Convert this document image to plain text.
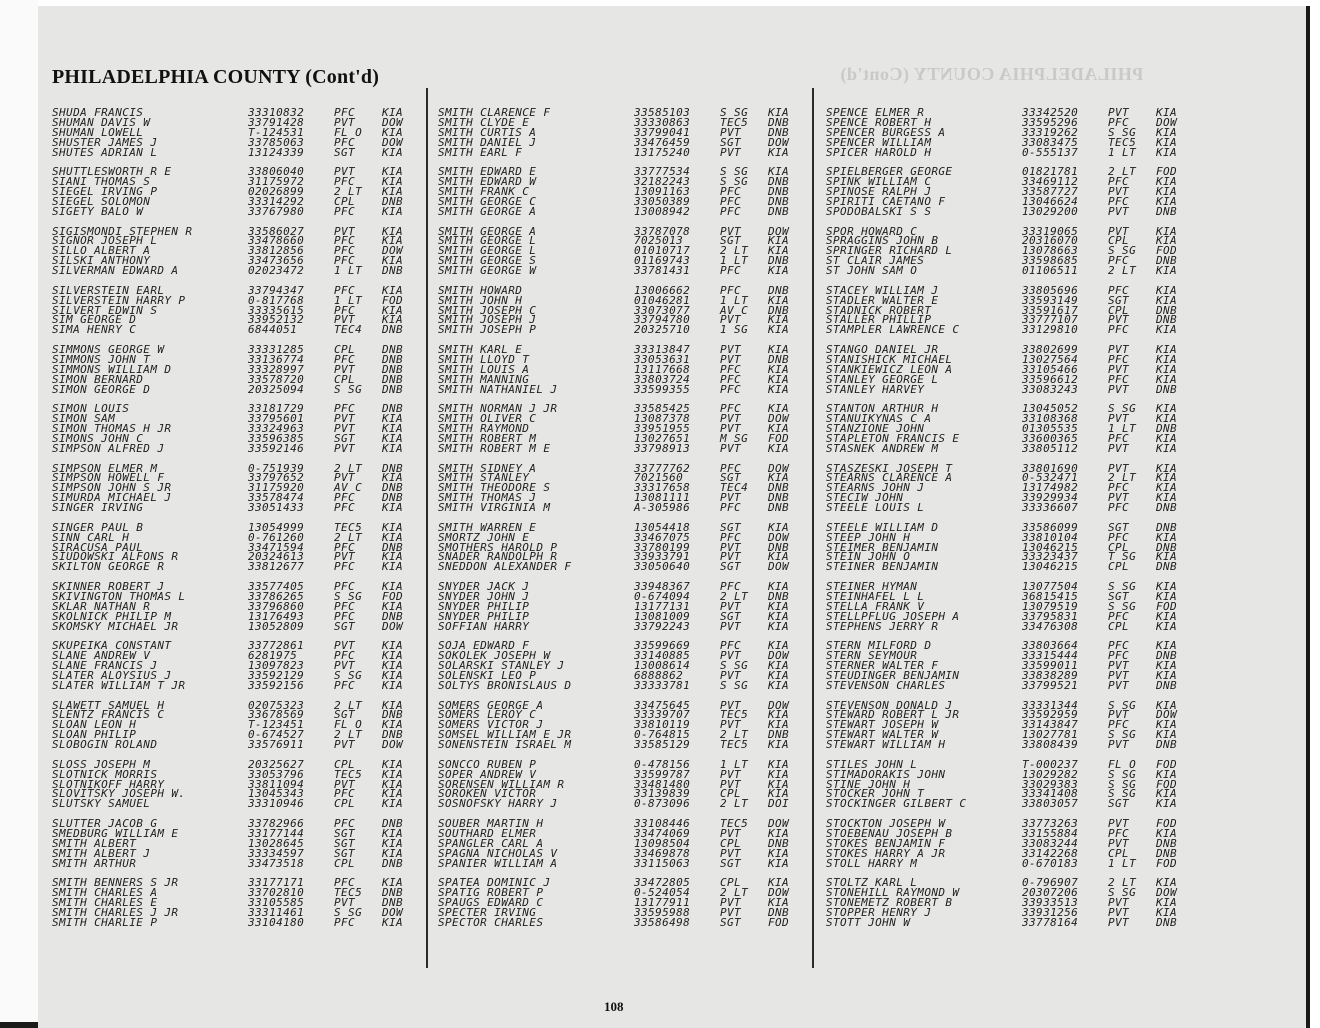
PHILADELPHIA COUNTY (Cont'd)	PHILADELPHIA COUNTY (Cont'd)
SHUDA FRANCIS	33310832	PFC KIA
SHUMAN DAVIS W	33791428	PVT DOW
SHUMAN LOWELL	T-124531	FL O KIA
SHUSTER JAMES J	33785063	PFC DOW
SHUTES ADRIAN L	13124339	SGT KIA
SHUTTLESWORTH R E	33806040	PVT KIA
SIANI THOMAS S	31175972	PFC KIA
SIEGEL IRVING P	02026899	2 LT KIA
SIEGEL SOLOMON	33314292	CPL DNB
SIGETY BALO W	33767980	PFC KIA
SIGISMONDI STEPHEN R	33586027	PVT KIA
SIGNOR JOSEPH L	33478660	PFC KIA
SILLO ALBERT A	33812856	PFC DOW
SILSKI ANTHONY	33473656	PFC KIA
SILVERMAN EDWARD A	02023472	1 LT DNB
SILVERSTEIN EARL	33794347	PFC KIA
SILVERSTEIN HARRY P	0-817768	1 LT FOD
SILVERT EDWIN S	33335615	PFC KIA
SIM GEORGE D	33952132	PVT KIA
SIMA HENRY C	6844051	TEC4 DNB
SIMMONS GEORGE W	33331285	CPL DNB
SIMMONS JOHN T	33136774	PFC DNB
SIMMONS WILLIAM D	33328997	PVT DNB
SIMON BERNARD	33578720	CPL DNB
SIMON GEORGE D	20325094	S SG DNB
SIMON LOUIS	33181729	PFC DNB
SIMON SAM	33795601	PVT KIA
SIMON THOMAS H JR	33324963	PVT KIA
SIMONS JOHN C	33596385	SGT KIA
SIMPSON ALFRED J	33592146	PVT KIA
SIMPSON ELMER M	0-751939	2 LT DNB
SIMPSON HOWELL F	33797652	PVT KIA
SIMPSON JOHN S JR	31175920	AV C DNB
SIMURDA MICHAEL J	33578474	PFC DNB
SINGER IRVING	33051433	PFC KIA
SINGER PAUL B	13054999	TEC5 KIA
SINN CARL H	0-761260	2 LT KIA
SIRACUSA PAUL	33471594	PFC DNB
SIUDOWSKI ALFONS R	20324613	PVT KIA
SKILTON GEORGE R	33812677	PFC KIA
SKINNER ROBERT J	33577405	PFC KIA
SKIVINGTON THOMAS L	33786265	S SG FOD
SKLAR NATHAN R	33796860	PFC KIA
SKOLNICK PHILIP M	13176493	PFC DNB
SKOMSKY MICHAEL JR	13052809	SGT DOW
SKUPEIKA CONSTANT	33772861	PVT KIA
SLANE ANDREW V	6281975	PFC KIA
SLANE FRANCIS J	13097823	PVT KIA
SLATER ALOYSIUS J	33592129	S SG KIA
SLATER WILLIAM T JR	33592156	PFC KIA
SLAWETT SAMUEL H	02075323	2 LT KIA
SLENTZ FRANCIS C	33678569	SGT DNB
SLOAN LEON H	T-123451	FL O KIA
SLOAN PHILIP	0-674527	2 LT DNB
SLOBOGIN ROLAND	33576911	PVT DOW
SLOSS JOSEPH M	20325627	CPL KIA
SLOTNICK MORRIS	33053796	TEC5 KIA
SLOTNIKOFF HARRY	33811094	PVT KIA
SLOVITSKY JOSEPH W.	13045343	PFC KIA
SLUTSKY SAMUEL	33310946	CPL KIA
SLUTTER JACOB G	33782966	PFC DNB
SMEDBURG WILLIAM E	33177144	SGT KIA
SMITH ALBERT	13028645	SGT KIA
SMITH ALBERT J	33334597	SGT KIA
SMITH ARTHUR	33473518	CPL DNB
SMITH BENNERS S JR	33177171	PFC KIA
SMITH CHARLES A	33702810	TEC5 DNB
SMITH CHARLES E	33105585	PVT DNB
SMITH CHARLES J JR	33311461	S SG DOW
SMITH CHARLIE P	33104180	PFC KIA
SMITH CLARENCE F	33585103	S SG KIA
SMITH CLYDE E	33330863	TEC5 DNB
SMITH CURTIS A	33799041	PVT DNB
SMITH DANIEL J	33476459	SGT DOW
SMITH EARL F	13175240	PVT KIA
SMITH EDWARD E	33777534	S SG KIA
SMITH EDWARD W	32182243	S SG DNB
SMITH FRANK C	13091163	PFC DNB
SMITH GEORGE C	33050389	PFC DNB
SMITH GEORGE A	13008942	PFC DNB
SMITH GEORGE A	33787078	PVT DOW
SMITH GEORGE L	7025013	SGT KIA
SMITH GEORGE L	01010717	2 LT KIA
SMITH GEORGE S	01169743	1 LT DNB
SMITH GEORGE W	33781431	PFC KIA
SMITH HOWARD	13006662	PFC DNB
SMITH JOHN H	01046281	1 LT KIA
SMITH JOSEPH C	33073077	AV C DNB
SMITH JOSEPH J	33794780	PVT KIA
SMITH JOSEPH P	20325710	1 SG KIA
SMITH KARL E	33313847	PVT KIA
SMITH LLOYD T	33053631	PVT DNB
SMITH LOUIS A	13117668	PFC KIA
SMITH MANNING	33803724	PFC KIA
SMITH NATHANIEL J	33599355	PFC KIA
SMITH NORMAN J JR	33585425	PFC KIA
SMITH OLIVER C	13087378	PVT DOW
SMITH RAYMOND	33951955	PVT KIA
SMITH ROBERT M	13027651	M SG FOD
SMITH ROBERT M E	33798913	PVT KIA
SMITH SIDNEY A	33777762	PFC DOW
SMITH STANLEY	7021560	SGT KIA
SMITH THEODORE S	33317658	TEC4 DNB
SMITH THOMAS J	13081111	PVT DNB
SMITH VIRGINIA M	A-305986	PFC DNB
SMITH WARREN E	13054418	SGT KIA
SMORTZ JOHN E	33467075	PFC DOW
SMOTHERS HAROLD P	33780199	PVT DNB
SNADER RANDOLPH R	33933791	PVT KIA
SNEDDON ALEXANDER F	33050640	SGT DOW
SNYDER JACK J	33948367	PFC KIA
SNYDER JOHN J	0-674094	2 LT DNB
SNYDER PHILIP	13177131	PVT KIA
SNYDER PHILIP	13081009	SGT KIA
SOFFIAN HARRY	33792243	PVT KIA
SOJA EDWARD F	33599669	PFC KIA
SOKOLEK JOSEPH W	33140885	PVT DOW
SOLARSKI STANLEY J	13008614	S SG KIA
SOLENSKI LEO P	6888862	PVT KIA
SOLTYS BRONISLAUS D	33333781	S SG KIA
SOMERS GEORGE A	33475645	PVT DOW
SOMERS LEROY C	33339707	TEC5 KIA
SOMERS VICTOR J	33810119	PVT KIA
SOMSEL WILLIAM E JR	0-764815	2 LT DNB
SONENSTEIN ISRAEL M	33585129	TEC5 KIA
SONCCO RUBEN P	0-478156	1 LT KIA
SOPER ANDREW V	33599787	PVT KIA
SORENSEN WILLIAM R	33481480	PVT KIA
SOROKEN VICTOR	33139839	CPL KIA
SOSNOFSKY HARRY J	0-873096	2 LT DOI
SOUBER MARTIN H	33108446	TEC5 DOW
SOUTHARD ELMER	33474069	PVT KIA
SPANGLER CARL A	13098504	CPL DNB
SPAGNA NICHOLAS V	33469878	PVT KIA
SPANIER WILLIAM A	33115063	SGT KIA
SPATEA DOMINIC J	33472805	CPL KIA
SPATIG ROBERT P	0-524054	2 LT DOW
SPAUGS EDWARD C	13177911	PVT KIA
SPECTER IRVING	33595988	PVT DNB
SPECTOR CHARLES	33586498	SGT FOD
SPENCE ELMER R	33342520	PVT KIA
SPENCE ROBERT H	33595296	PFC DOW
SPENCER BURGESS A	33319262	S SG KIA
SPENCER WILLIAM	33083475	TEC5 KIA
SPICER HAROLD H	0-555137	1 LT KIA
SPIELBERGER GEORGE	01821781	2 LT FOD
SPINK WILLIAM C	33469112	PFC KIA
SPINOSE RALPH J	33587727	PVT KIA
SPIRITI CAETANO F	13046624	PFC KIA
SPODOBALSKI S S	13029200	PVT DNB
SPOR HOWARD C	33319065	PVT KIA
SPRAGGINS JOHN B	20316070	CPL KIA
SPRINGER RICHARD L	13078663	S SG FOD
ST CLAIR JAMES	33598685	PFC DNB
ST JOHN SAM O	01106511	2 LT KIA
STACEY WILLIAM J	33805696	PFC KIA
STADLER WALTER E	33593149	SGT KIA
STADNICK ROBERT	33591617	CPL DNB
STALLER PHILLIP	33777107	PVT DNB
STAMPLER LAWRENCE C	33129810	PFC KIA
STANGO DANIEL JR	33802699	PVT KIA
STANISHICK MICHAEL	13027564	PFC KIA
STANKIEWICZ LEON A	33105466	PVT KIA
STANLEY GEORGE L	33596612	PFC KIA
STANLEY HARVEY	33083243	PVT DNB
STANTON ARTHUR H	13045052	S SG KIA
STANUIKYNAS C A	33108368	PVT KIA
STANZIONE JOHN	01305535	1 LT DNB
STAPLETON FRANCIS E	33600365	PFC KIA
STASNEK ANDREW M	33805112	PVT KIA
STASZESKI JOSEPH T	33801690	PVT KIA
STEARNS CLARENCE A	0-532471	2 LT KIA
STEARNS JOHN J	13174982	PFC KIA
STECIW JOHN	33929934	PVT KIA
STEELE LOUIS L	33336607	PFC DNB
STEELE WILLIAM D	33586099	SGT DNB
STEEP JOHN H	33810104	PFC KIA
STEIMER BENJAMIN	13046215	CPL DNB
STEIN JOHN O	33323437	T SG KIA
STEINER BENJAMIN	13046215	CPL DNB
STEINER HYMAN	13077504	S SG KIA
STEINHAFEL L L	36815415	SGT KIA
STELLA FRANK V	13079519	S SG FOD
STELLPFLUG JOSEPH A	33795831	PFC KIA
STEPHENS JERRY R	33476308	CPL KIA
STERN MILFORD D	33803664	PFC KIA
STERN SEYMOUR	33315444	PFC DNB
STERNER WALTER F	33599011	PVT KIA
STEUDINGER BENJAMIN	33838289	PVT KIA
STEVENSON CHARLES	33799521	PVT DNB
STEVENSON DONALD J	33331344	S SG KIA
STEWARD ROBERT L JR	33592959	PVT DOW
STEWART JOSEPH W	33143847	PFC KIA
STEWART WALTER W	13027781	S SG KIA
STEWART WILLIAM H	33808439	PVT DNB
STILES JOHN L	T-000237	FL O FOD
STIMADORAKIS JOHN	13029282	S SG KIA
STINE JOHN H	33029383	S SG FOD
STOCKER JOHN T	33341408	S SG KIA
STOCKINGER GILBERT C	33803057	SGT KIA
STOCKTON JOSEPH W	33773263	PVT FOD
STOEBENAU JOSEPH B	33155884	PFC KIA
STOKES BENJAMIN F	33083244	PVT DNB
STOKES HARRY A JR	33142268	CPL DNB
STOLL HARRY M	0-670183	1 LT FOD
STOLTZ KARL L	0-796907	2 LT KIA
STONEHILL RAYMOND W	20307206	S SG DOW
STONEMETZ ROBERT B	33933513	PVT KIA
STOPPER HENRY J	33931256	PVT KIA
STOTT JOHN W	33778164	PVT DNB
108
